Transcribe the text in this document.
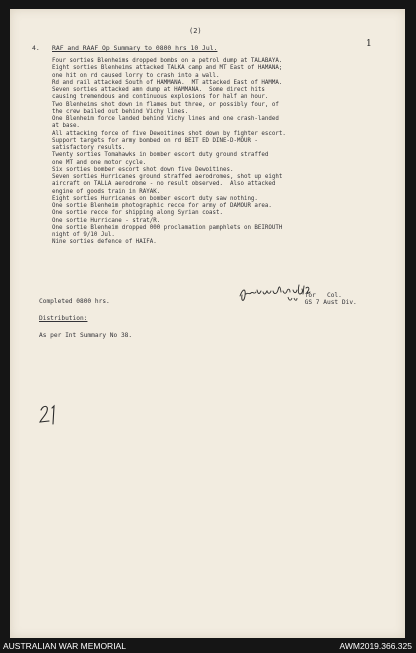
(2)
1
4. RAF and RAAF Op Summary to 0800 hrs 10 Jul.
Four sorties Blenheims dropped bombs on a petrol dump at TALABAYA.
Eight sorties Blenheims attacked TALKA camp and MT East of HAMANA;
one hit on rd caused lorry to crash into a wall.
Rd and rail attacked South of HAMMANA.  MT attacked East of HAMMA.
Seven sorties attacked amn dump at HAMMANA.  Some direct hits
causing tremendous and continuous explosions for half an hour.
Two Blenheims shot down in flames but three, or possibly four, of
the crew bailed out behind Vichy lines.
One Blenheim force landed behind Vichy lines and one crash-landed
at base.
All attacking force of five Dewoitines shot down by fighter escort.
Support targets for army bombed on rd BEIT ED DINE-D-MOUR -
satisfactory results.
Twenty sorties Tomahawks in bomber escort duty ground straffed
one MT and one motor cycle.
Six sorties bomber escort shot down five Dewoitines.
Seven sorties Hurricanes ground straffed aerodromes, shot up eight
aircraft on TALLA aerodrome - no result observed.  Also attacked
engine of goods train in RAYAK.
Eight sorties Hurricanes on bomber escort duty saw nothing.
One sortie Blenheim photographic recce for army of DAMOUR area.
One sortie recce for shipping along Syrian coast.
One sortie Hurricane - strat/R.
One sortie Blenheim dropped 000 proclamation pamphlets on BEIROUTH
night of 9/10 Jul.
Nine sorties defence of HAIFA.
Completed 0800 hrs.
Distribution:
As per Int Summary No 38.
for   Col.
GS 7 Aust Div.
AUSTRALIAN WAR MEMORIAL	AWM2019.366.325
